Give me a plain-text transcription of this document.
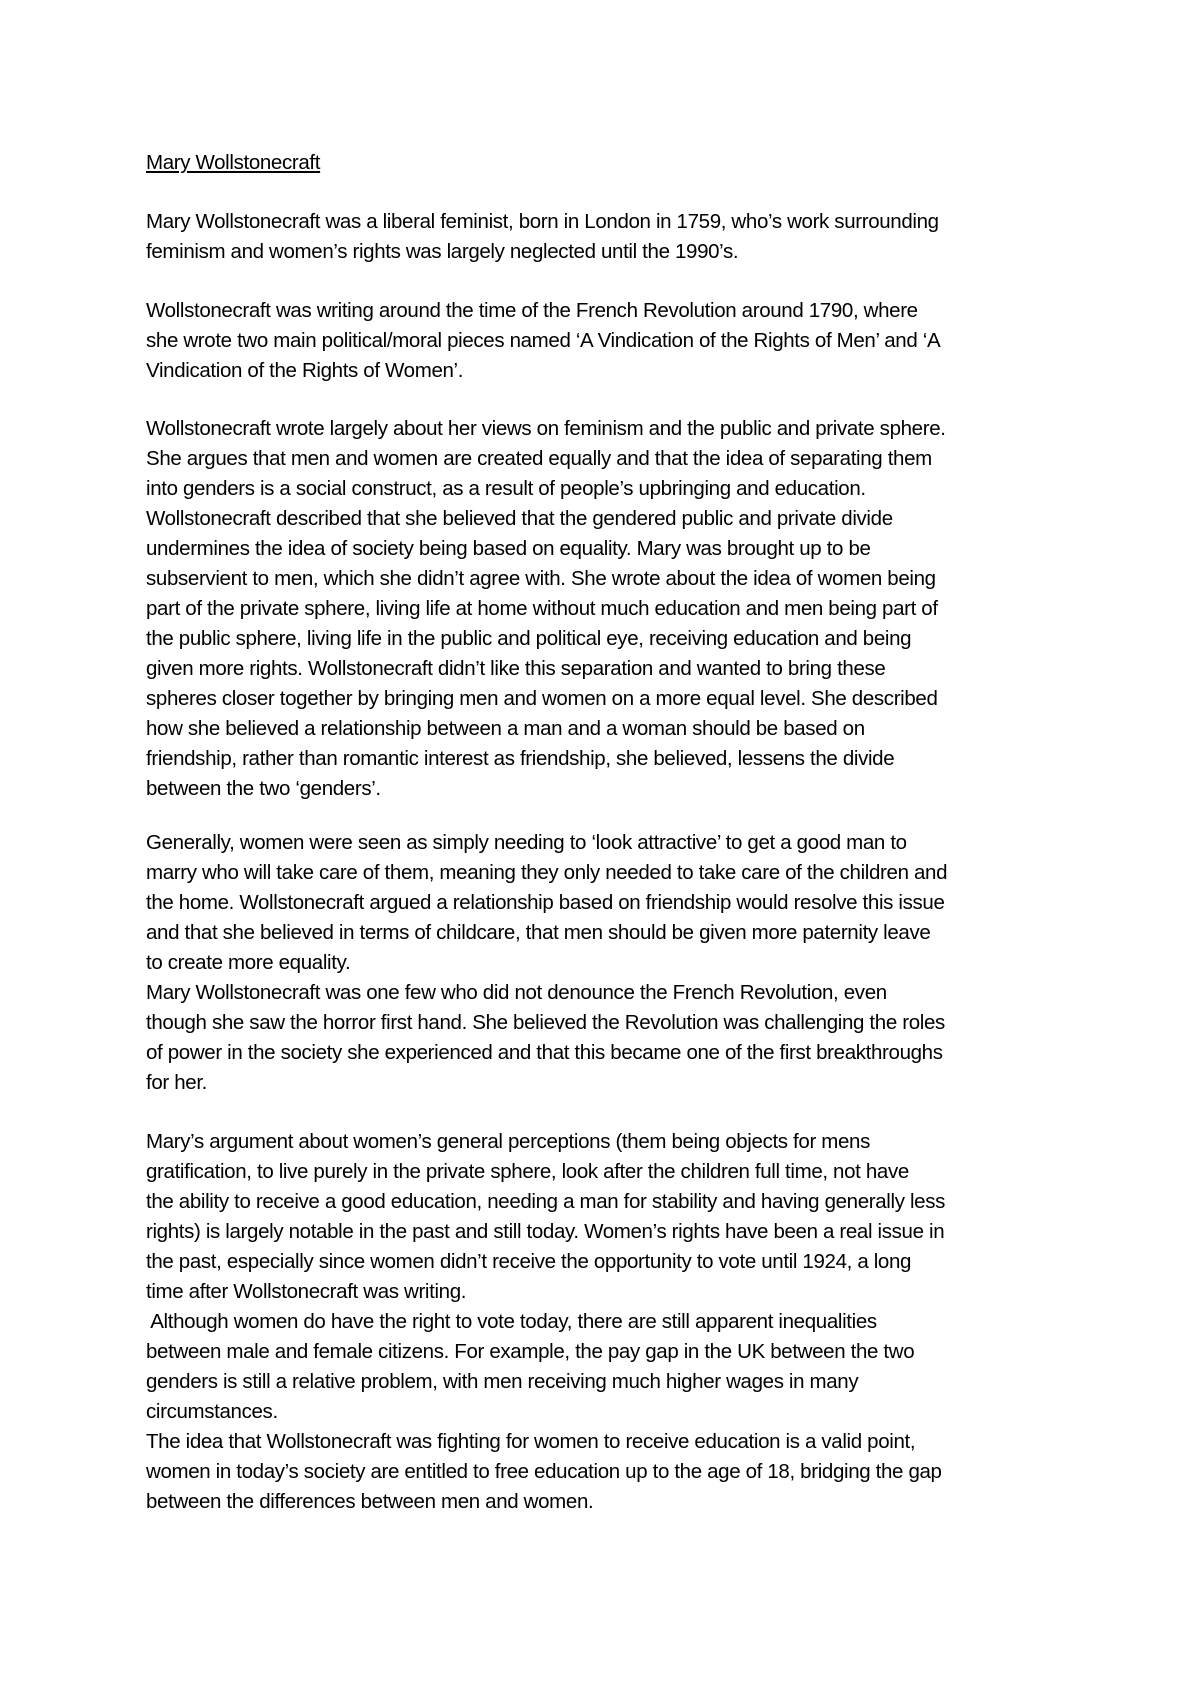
Mary Wollstonecraft
Mary Wollstonecraft was a liberal feminist, born in London in 1759, who’s work surrounding
feminism and women’s rights was largely neglected until the 1990’s.
Wollstonecraft was writing around the time of the French Revolution around 1790, where
she wrote two main political/moral pieces named ‘A Vindication of the Rights of Men’ and ‘A
Vindication of the Rights of Women’.
Wollstonecraft wrote largely about her views on feminism and the public and private sphere.
She argues that men and women are created equally and that the idea of separating them
into genders is a social construct, as a result of people’s upbringing and education.
Wollstonecraft described that she believed that the gendered public and private divide
undermines the idea of society being based on equality. Mary was brought up to be
subservient to men, which she didn’t agree with. She wrote about the idea of women being
part of the private sphere, living life at home without much education and men being part of
the public sphere, living life in the public and political eye, receiving education and being
given more rights. Wollstonecraft didn’t like this separation and wanted to bring these
spheres closer together by bringing men and women on a more equal level. She described
how she believed a relationship between a man and a woman should be based on
friendship, rather than romantic interest as friendship, she believed, lessens the divide
between the two ‘genders’.
Generally, women were seen as simply needing to ‘look attractive’ to get a good man to
marry who will take care of them, meaning they only needed to take care of the children and
the home. Wollstonecraft argued a relationship based on friendship would resolve this issue
and that she believed in terms of childcare, that men should be given more paternity leave
to create more equality.
Mary Wollstonecraft was one few who did not denounce the French Revolution, even
though she saw the horror first hand. She believed the Revolution was challenging the roles
of power in the society she experienced and that this became one of the first breakthroughs
for her.
Mary’s argument about women’s general perceptions (them being objects for mens
gratification, to live purely in the private sphere, look after the children full time, not have
the ability to receive a good education, needing a man for stability and having generally less
rights) is largely notable in the past and still today. Women’s rights have been a real issue in
the past, especially since women didn’t receive the opportunity to vote until 1924, a long
time after Wollstonecraft was writing.
Although women do have the right to vote today, there are still apparent inequalities
between male and female citizens. For example, the pay gap in the UK between the two
genders is still a relative problem, with men receiving much higher wages in many
circumstances.
The idea that Wollstonecraft was fighting for women to receive education is a valid point,
women in today’s society are entitled to free education up to the age of 18, bridging the gap
between the differences between men and women.
